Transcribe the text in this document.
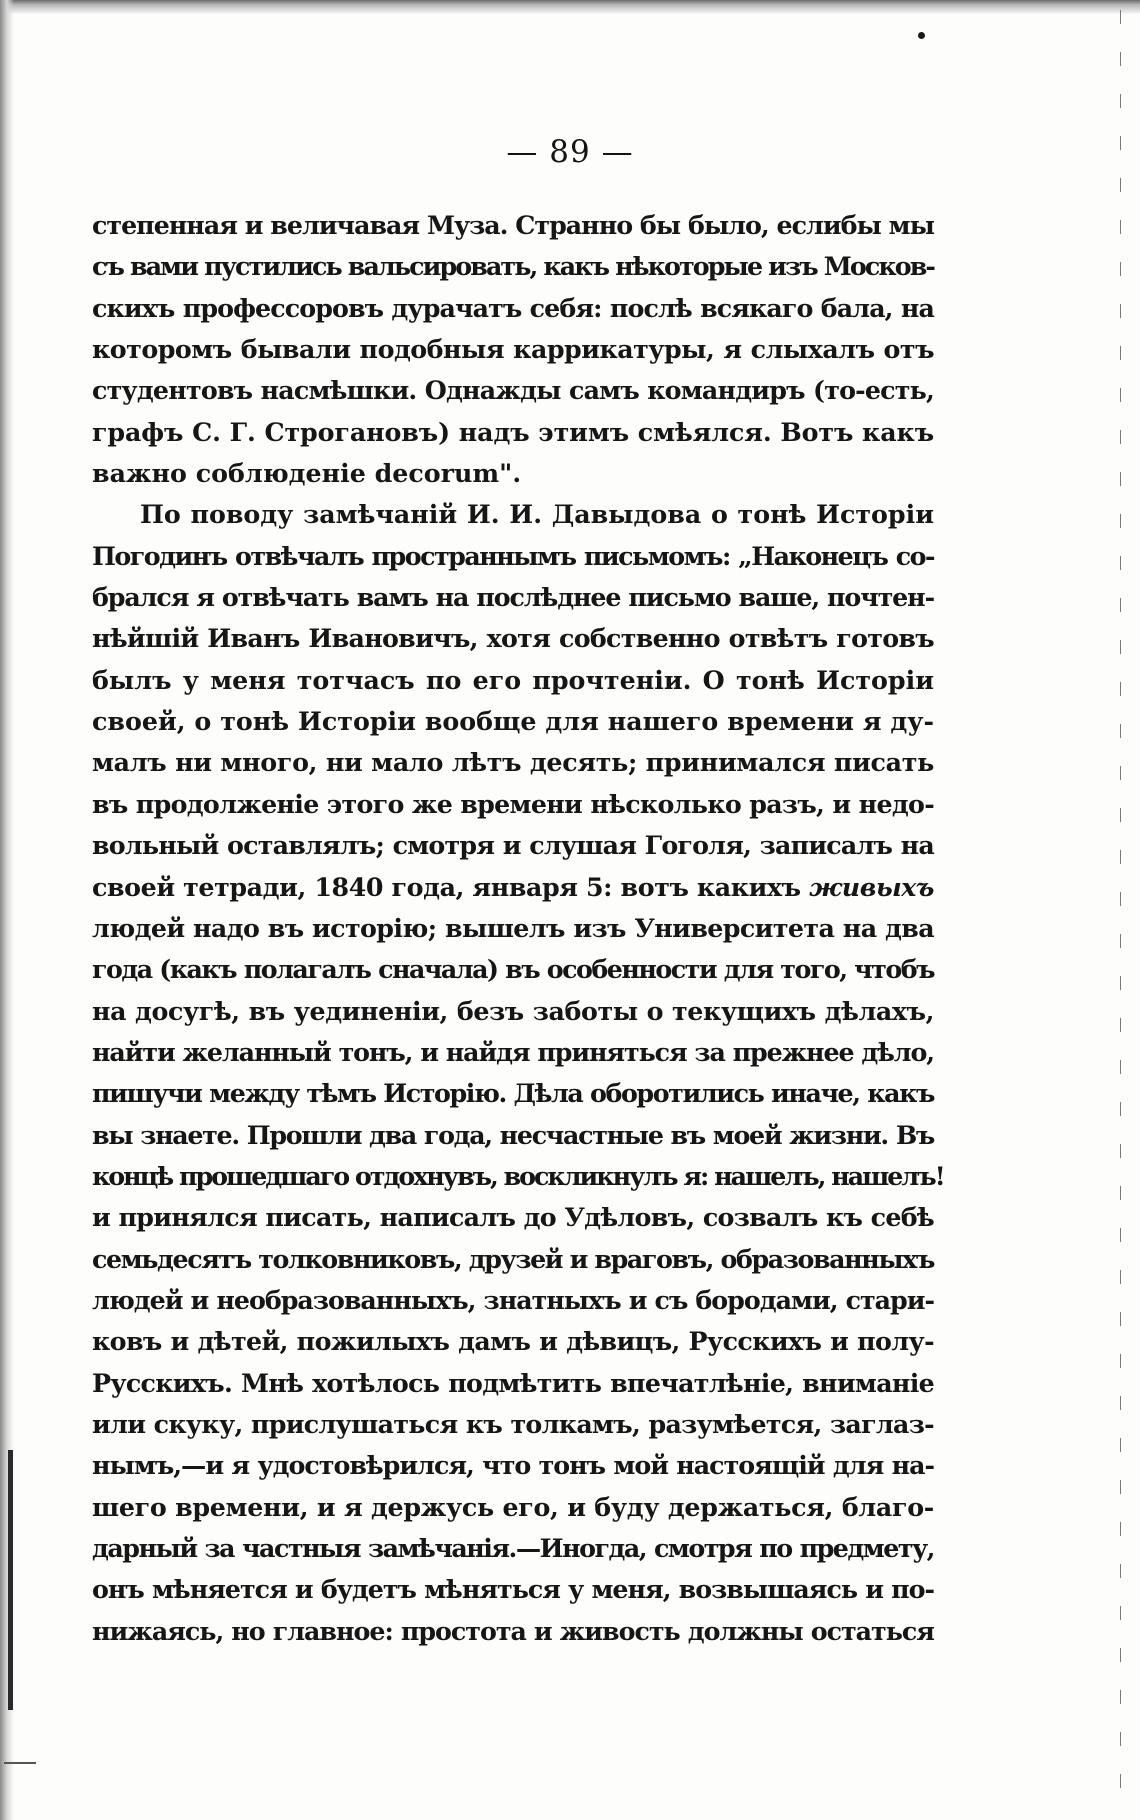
— 89 —
степенная и величавая Муза. Странно бы было, еслибы мы
съ вами пустились вальсировать, какъ нѣкоторые изъ Москов-
скихъ профессоровъ дурачатъ себя: послѣ всякаго бала, на
которомъ бывали подобныя каррикатуры, я слыхалъ отъ
студентовъ насмѣшки. Однажды самъ командиръ (то-есть,
графъ С. Г. Строгановъ) надъ этимъ смѣялся. Вотъ какъ
важно соблюденіе decorum".
По поводу замѣчаній И. И. Давыдова о тонѣ Исторіи
Погодинъ отвѣчалъ пространнымъ письмомъ: „Наконецъ со-
брался я отвѣчать вамъ на послѣднее письмо ваше, почтен-
нѣйшій Иванъ Ивановичъ, хотя собственно отвѣтъ готовъ
былъ у меня тотчасъ по его прочтеніи. О тонѣ Исторіи
своей, о тонѣ Исторіи вообще для нашего времени я ду-
малъ ни много, ни мало лѣтъ десять; принимался писать
въ продолженіе этого же времени нѣсколько разъ, и недо-
вольный оставлялъ; смотря и слушая Гоголя, записалъ на
своей тетради, 1840 года, января 5: вотъ какихъ живыхъ
людей надо въ исторію; вышелъ изъ Университета на два
года (какъ полагалъ сначала) въ особенности для того, чтобъ
на досугѣ, въ уединеніи, безъ заботы о текущихъ дѣлахъ,
найти желанный тонъ, и найдя приняться за прежнее дѣло,
пишучи между тѣмъ Исторію. Дѣла оборотились иначе, какъ
вы знаете. Прошли два года, несчастные въ моей жизни. Въ
концѣ прошедшаго отдохнувъ, воскликнулъ я: нашелъ, нашелъ!
и принялся писать, написалъ до Удѣловъ, созвалъ къ себѣ
семьдесятъ толковниковъ, друзей и враговъ, образованныхъ
людей и необразованныхъ, знатныхъ и съ бородами, стари-
ковъ и дѣтей, пожилыхъ дамъ и дѣвицъ, Русскихъ и полу-
Русскихъ. Мнѣ хотѣлось подмѣтить впечатлѣніе, вниманіе
или скуку, прислушаться къ толкамъ, разумѣется, заглаз-
нымъ,—и я удостовѣрился, что тонъ мой настоящій для на-
шего времени, и я держусь его, и буду держаться, благо-
дарный за частныя замѣчанія.—Иногда, смотря по предмету,
онъ мѣняется и будетъ мѣняться у меня, возвышаясь и по-
нижаясь, но главное: простота и живость должны остаться
